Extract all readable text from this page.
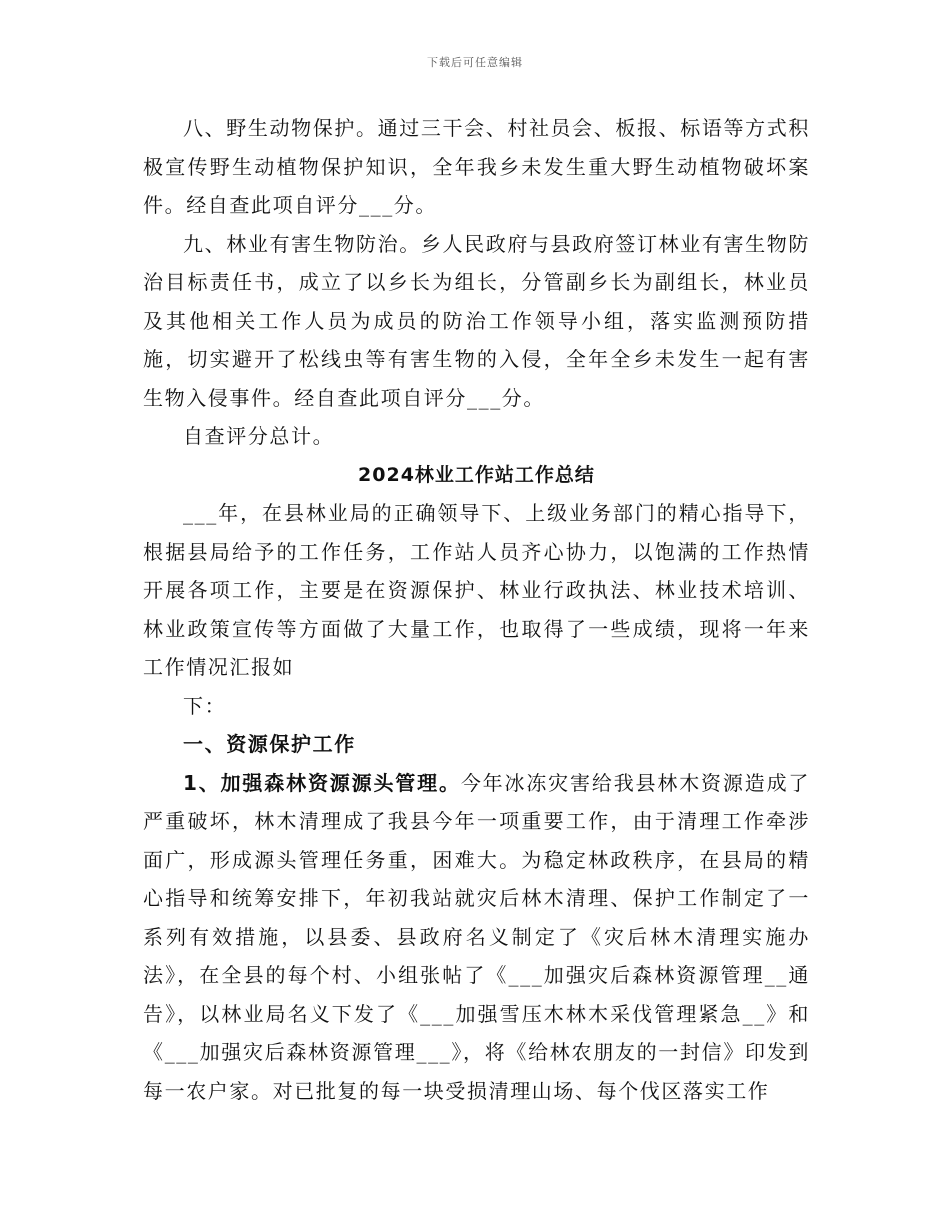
下载后可任意编辑

八、野生动物保护。通过三干会、村社员会、板报、标语等方式积极宣传野生动植物保护知识，全年我乡未发生重大野生动植物破坏案件。经自查此项自评分___分。

九、林业有害生物防治。乡人民政府与县政府签订林业有害生物防治目标责任书，成立了以乡长为组长，分管副乡长为副组长，林业员及其他相关工作人员为成员的防治工作领导小组，落实监测预防措施，切实避开了松线虫等有害生物的入侵，全年全乡未发生一起有害生物入侵事件。经自查此项自评分___分。

自查评分总计。

2024林业工作站工作总结

___年，在县林业局的正确领导下、上级业务部门的精心指导下，根据县局给予的工作任务，工作站人员齐心协力，以饱满的工作热情开展各项工作，主要是在资源保护、林业行政执法、林业技术培训、林业政策宣传等方面做了大量工作，也取得了一些成绩，现将一年来工作情况汇报如

下：

一、资源保护工作

1、加强森林资源源头管理。今年冰冻灾害给我县林木资源造成了严重破坏，林木清理成了我县今年一项重要工作，由于清理工作牵涉面广，形成源头管理任务重，困难大。为稳定林政秩序，在县局的精心指导和统筹安排下，年初我站就灾后林木清理、保护工作制定了一系列有效措施，以县委、县政府名义制定了《灾后林木清理实施办法》，在全县的每个村、小组张帖了《___加强灾后森林资源管理__通告》，以林业局名义下发了《___加强雪压木林木采伐管理紧急__》和《___加强灾后森林资源管理___》，将《给林农朋友的一封信》印发到每一农户家。对已批复的每一块受损清理山场、每个伐区落实工作
